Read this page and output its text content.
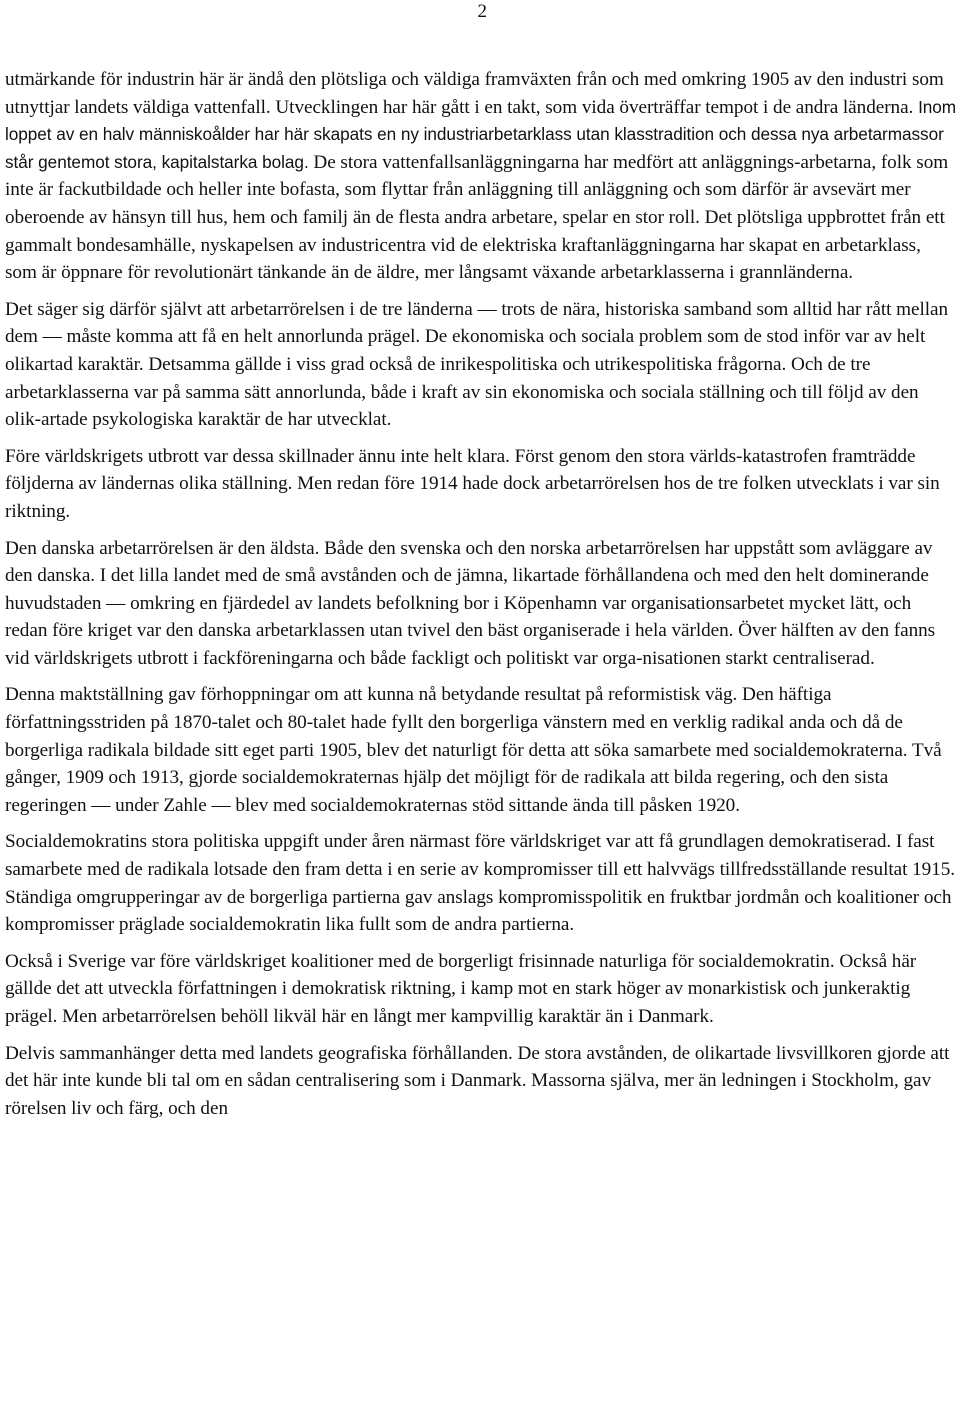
2

utmärkande för industrin här är ändå den plötsliga och väldiga framväxten från och med omkring 1905 av den industri som utnyttjar landets väldiga vattenfall. Utvecklingen har här gått i en takt, som vida överträffar tempot i de andra länderna. Inom loppet av en halv människoålder har här skapats en ny industriarbetarklass utan klasstradition och dessa nya arbetarmassor står gentemot stora, kapitalstarka bolag. De stora vattenfallsanläggningarna har medfört att anläggnings-arbetarna, folk som inte är fackutbildade och heller inte bofasta, som flyttar från anläggning till anläggning och som därför är avsevärt mer oberoende av hänsyn till hus, hem och familj än de flesta andra arbetare, spelar en stor roll. Det plötsliga uppbrottet från ett gammalt bondesamhälle, nyskapelsen av industricentra vid de elektriska kraftanläggningarna har skapat en arbetarklass, som är öppnare för revolutionärt tänkande än de äldre, mer långsamt växande arbetarklasserna i grannländerna.

Det säger sig därför självt att arbetarrörelsen i de tre länderna — trots de nära, historiska samband som alltid har rått mellan dem — måste komma att få en helt annorlunda prägel. De ekonomiska och sociala problem som de stod inför var av helt olikartad karaktär. Detsamma gällde i viss grad också de inrikespolitiska och utrikespolitiska frågorna. Och de tre arbetarklasserna var på samma sätt annorlunda, både i kraft av sin ekonomiska och sociala ställning och till följd av den olik-artade psykologiska karaktär de har utvecklat.

Före världskrigets utbrott var dessa skillnader ännu inte helt klara. Först genom den stora världs-katastrofen framträdde följderna av ländernas olika ställning. Men redan före 1914 hade dock arbetarrörelsen hos de tre folken utvecklats i var sin riktning.

Den danska arbetarrörelsen är den äldsta. Både den svenska och den norska arbetarrörelsen har uppstått som avläggare av den danska. I det lilla landet med de små avstånden och de jämna, likartade förhållandena och med den helt dominerande huvudstaden — omkring en fjärdedel av landets befolkning bor i Köpenhamn var organisationsarbetet mycket lätt, och redan före kriget var den danska arbetarklassen utan tvivel den bäst organiserade i hela världen. Över hälften av den fanns vid världskrigets utbrott i fackföreningarna och både fackligt och politiskt var orga-nisationen starkt centraliserad.

Denna maktställning gav förhoppningar om att kunna nå betydande resultat på reformistisk väg. Den häftiga författningsstriden på 1870-talet och 80-talet hade fyllt den borgerliga vänstern med en verklig radikal anda och då de borgerliga radikala bildade sitt eget parti 1905, blev det naturligt för detta att söka samarbete med socialdemokraterna. Två gånger, 1909 och 1913, gjorde socialdemokraternas hjälp det möjligt för de radikala att bilda regering, och den sista regeringen — under Zahle — blev med socialdemokraternas stöd sittande ända till påsken 1920.

Socialdemokratins stora politiska uppgift under åren närmast före världskriget var att få grundlagen demokratiserad. I fast samarbete med de radikala lotsade den fram detta i en serie av kompromisser till ett halvvägs tillfredsställande resultat 1915. Ständiga omgrupperingar av de borgerliga partierna gav anslags kompromisspolitik en fruktbar jordmån och koalitioner och kompromisser präglade socialdemokratin lika fullt som de andra partierna.

Också i Sverige var före världskriget koalitioner med de borgerligt frisinnade naturliga för socialdemokratin. Också här gällde det att utveckla författningen i demokratisk riktning, i kamp mot en stark höger av monarkistisk och junkeraktig prägel. Men arbetarrörelsen behöll likväl här en långt mer kampvillig karaktär än i Danmark.

Delvis sammanhänger detta med landets geografiska förhållanden. De stora avstånden, de olikartade livsvillkoren gjorde att det här inte kunde bli tal om en sådan centralisering som i Danmark. Massorna själva, mer än ledningen i Stockholm, gav rörelsen liv och färg, och den
